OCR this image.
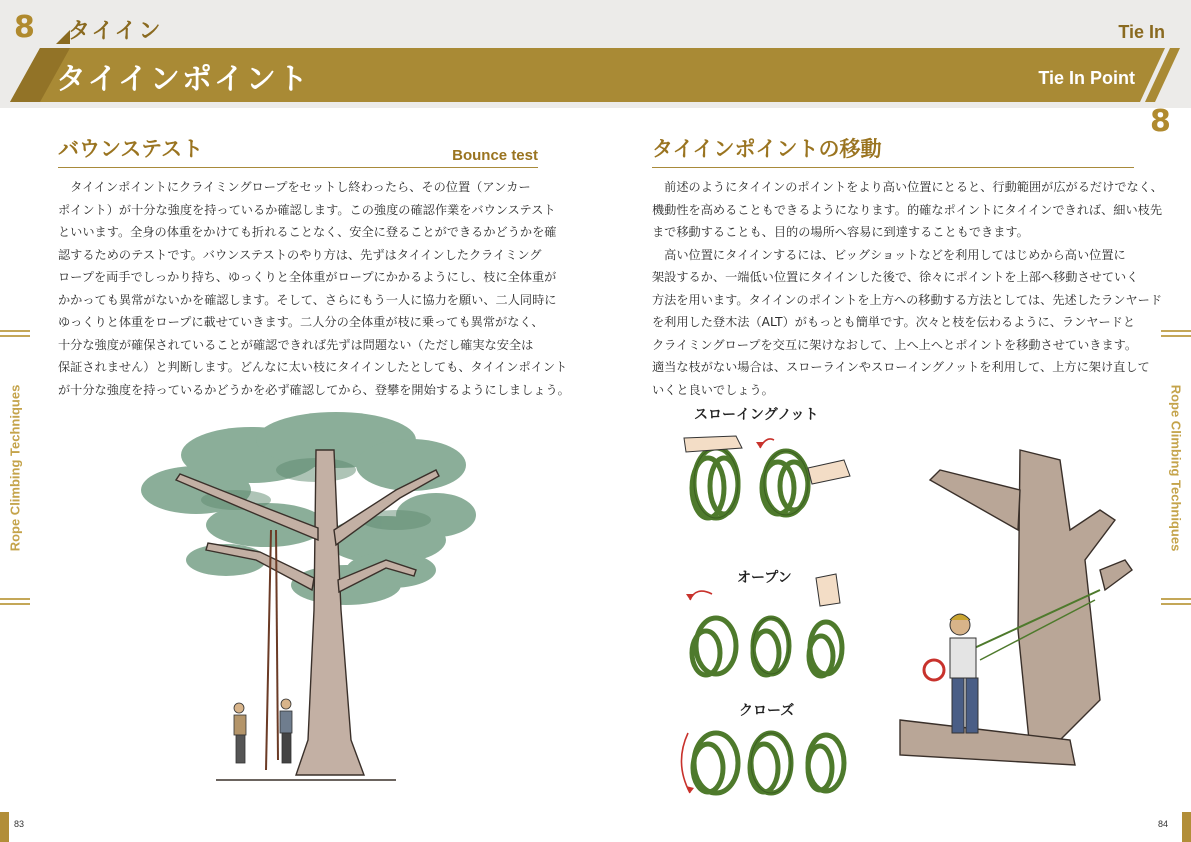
8
8
タイイン	Tie In
タイインポイント	Tie In Point
バウンステスト	Bounce test

　タイインポイントにクライミングロープをセットし終わったら、その位置（アンカー

ポイント）が十分な強度を持っているか確認します。この強度の確認作業をバウンステスト

といいます。全身の体重をかけても折れることなく、安全に登ることができるかどうかを確

認するためのテストです。バウンステストのやり方は、先ずはタイインしたクライミング

ロープを両手でしっかり持ち、ゆっくりと全体重がロープにかかるようにし、枝に全体重が

かかっても異常がないかを確認します。そして、さらにもう一人に協力を願い、二人同時に

ゆっくりと体重をロープに載せていきます。二人分の全体重が枝に乗っても異常がなく、

十分な強度が確保されていることが確認できれば先ずは問題ない（ただし確実な安全は

保証されません）と判断します。どんなに太い枝にタイインしたとしても、タイインポイント

が十分な強度を持っているかどうかを必ず確認してから、登攀を開始するようにしましょう。

タイインポイントの移動

　前述のようにタイインのポイントをより高い位置にとると、行動範囲が広がるだけでなく、

機動性を高めることもできるようになります。的確なポイントにタイインできれば、細い枝先

まで移動することも、目的の場所へ容易に到達することもできます。

　高い位置にタイインするには、ビッグショットなどを利用してはじめから高い位置に

架設するか、一端低い位置にタイインした後で、徐々にポイントを上部へ移動させていく

方法を用います。タイインのポイントを上方への移動する方法としては、先述したランヤード

を利用した登木法（ALT）がもっとも簡単です。次々と枝を伝わるように、ランヤードと

クライミングロープを交互に架けなおして、上へ上へとポイントを移動させていきます。

適当な枝がない場合は、スローラインやスローイングノットを利用して、上方に架け直して

いくと良いでしょう。

スローイングノット
オープン
クローズ
Rope Climbing Techniques	Rope Climbing Techniques
83	84
